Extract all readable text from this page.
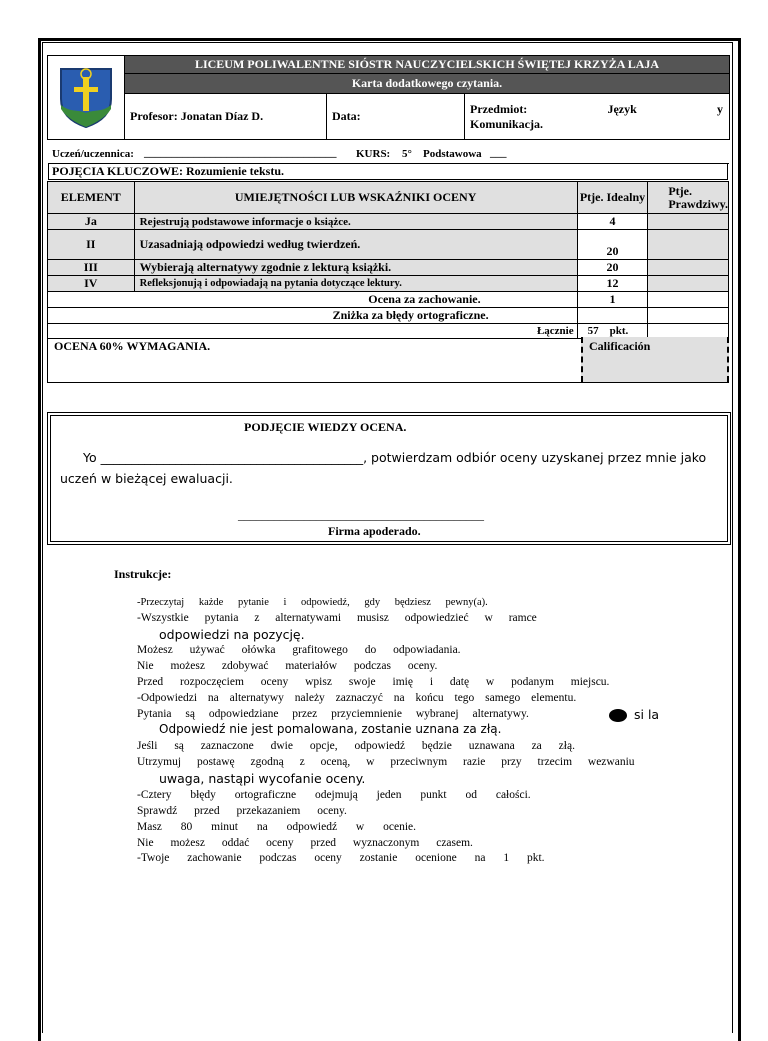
	LICEUM POLIWALENTNE SIÓSTR NAUCZYCIELSKICH ŚWIĘTEJ KRZYŻA LAJA		
	Karta dodatkowego czytania.		
	Profesor: Jonatan Díaz D.	Data:	Przedmiot: Język y
Komunikacja.
Uczeń/uczennica: ___________________________________ KURS: 5° Podstawowa ___
POJĘCIA KLUCZOWE: Rozumienie tekstu.
ELEMENT	UMIEJĘTNOŚCI LUB WSKAŹNIKI OCENY	Ptje. Idealny	Ptje. Prawdziwy.
Ja	Rejestrują podstawowe informacje o książce.	4	
II	Uzasadniają odpowiedzi według twierdzeń.	20	
III	Wybierają alternatywy zgodnie z lekturą książki.	20	
IV	Refleksjonują i odpowiadają na pytania dotyczące lektury.	12	
Ocena za zachowanie.		1	
Zniżka za błędy ortograficzne.			
Łącznie		57 pkt.	
OCENA 60% WYMAGANIA.	Calificación
PODJĘCIE WIEDZY OCENA.
Yo __________________________________________, potwierdzam odbiór oceny uzyskanej przez mnie jako
uczeń w bieżącej ewaluacji.
_________________________________________
Firma apoderado.
Instrukcje:
-Przeczytaj każde pytanie i odpowiedź, gdy będziesz pewny(a).
-Wszystkie pytania z alternatywami musisz odpowiedzieć w ramce
odpowiedzi na pozycję.
Możesz używać ołówka grafitowego do odpowiadania.
Nie możesz zdobywać materiałów podczas oceny.
Przed rozpoczęciem oceny wpisz swoje imię i datę w podanym miejscu.
-Odpowiedzi na alternatywy należy zaznaczyć na końcu tego samego elementu.
Pytania są odpowiedziane przez przyciemnienie wybranej alternatywy.	si la
Odpowiedź nie jest pomalowana, zostanie uznana za złą.
Jeśli są zaznaczone dwie opcje, odpowiedź będzie uznawana za złą.
Utrzymuj postawę zgodną z oceną, w przeciwnym razie przy trzecim wezwaniu
uwaga, nastąpi wycofanie oceny.
-Cztery błędy ortograficzne odejmują jeden punkt od całości.
Sprawdź przed przekazaniem oceny.
Masz 80 minut na odpowiedź w ocenie.
Nie możesz oddać oceny przed wyznaczonym czasem.
-Twoje zachowanie podczas oceny zostanie ocenione na 1 pkt.
